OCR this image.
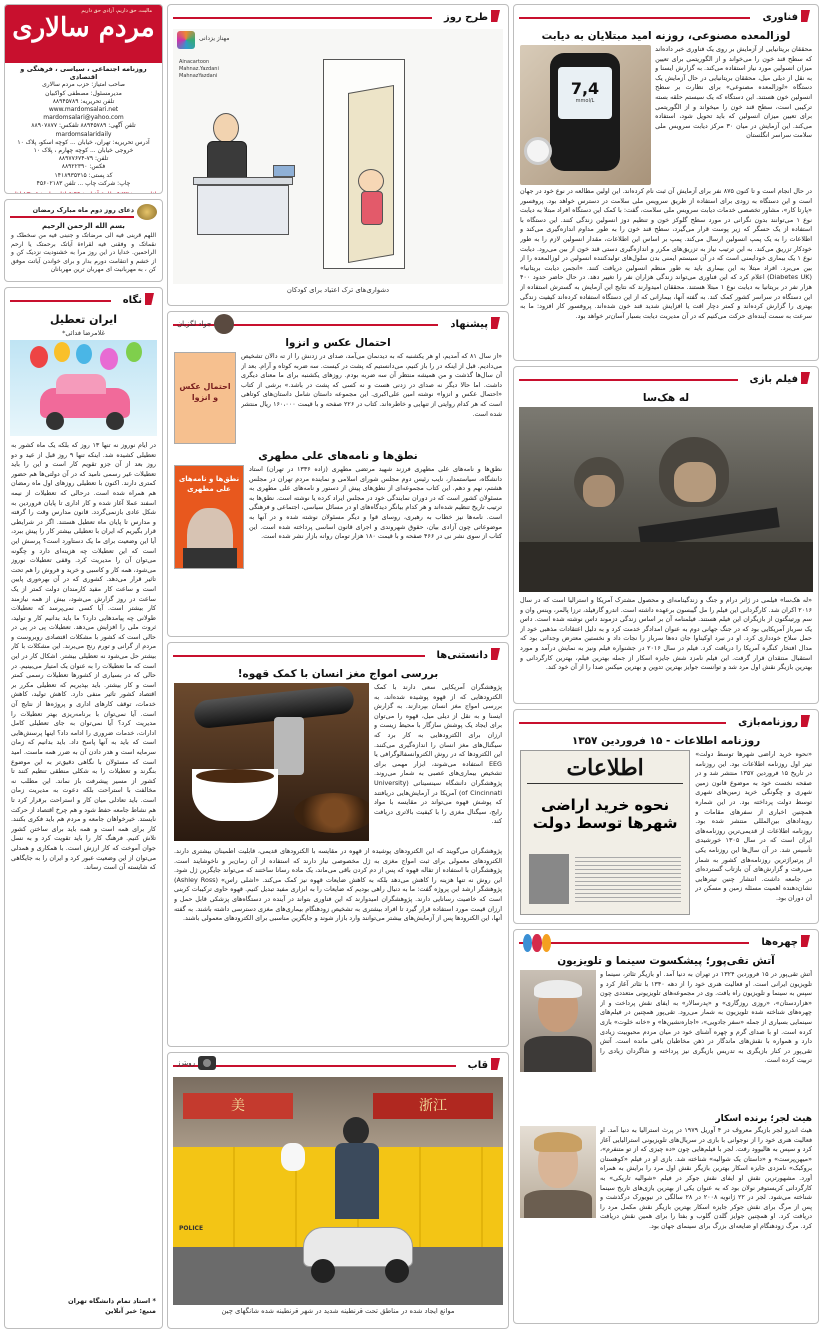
فناوری
لوزالمعده مصنوعی، روزنه امید مبتلایان به دیابت
محققان بریتانیایی از آزمایش بر روی یک فناوری خبر داده‌اند که سطح قند خون را می‌خواند و از الگوریتمی برای تعیین میزان انسولین مورد نیاز استفاده می‌کند. به گزارش ایسنا و به نقل از دیلی میل، ‌محققان بریتانیایی در حال آزمایش یک دستگاه «لوزالمعده مصنوعی» برای نظارت بر سطح انسولین خون هستند. این دستگاه که یک سیستم حلقه بسته ترکیبی است، سطح قند خون را میخواند و از الگوریتمی برای تعیین میزان انسولین که باید تحویل شود، استفاده می‌کند. این آزمایش در میان ۳۰ مرکز دیابت سرویس ملی سلامت سراسر انگلستان
7,4
mmol/L
در حال انجام است و تا کنون ۸۷۵ نفر برای آزمایش آن ثبت نام کرده‌اند. این اولین مطالعه در نوع خود در جهان است و این دستگاه به زودی برای استفاده از طریق سرویس ملی سلامت در دسترس خواهد بود. پروفسور «پارتا کار»، مشاور تخصصی خدمات دیابت سرویس ملی سلامت، گفت: با کمک این دستگاه افراد مبتلا به دیابت نوع ۱ می‌توانند بدون نگرانی در مورد سطح گلوکز خون و تنظیم دوز انسولین زندگی کنند. این دستگاه با استفاده از یک حسگر که زیر پوست قرار می‌گیرد، سطح قند خون را به طور مداوم اندازه‌گیری می‌کند و اطلاعات را به یک پمپ انسولین ارسال می‌کند. پمپ بر اساس این اطلاعات، مقدار انسولین لازم را به طور خودکار تزریق می‌کند. به این ترتیب نیاز به تزریق‌های مکرر و اندازه‌گیری دستی قند خون از بین می‌رود. دیابت نوع ۱ یک بیماری خودایمنی است که در آن سیستم ایمنی بدن سلول‌های تولیدکننده انسولین در لوزالمعده را از بین می‌برد. افراد مبتلا به این بیماری باید به طور منظم انسولین دریافت کنند. «انجمن دیابت بریتانیا» (Diabetes UK) اعلام کرد که این فناوری می‌تواند زندگی هزاران نفر را تغییر دهد. در حال حاضر حدود ۴۰۰ هزار نفر در بریتانیا به دیابت نوع ۱ مبتلا هستند. محققان امیدوارند که نتایج این آزمایش به گسترش استفاده از این دستگاه در سراسر کشور کمک کند. به گفته آنها، بیمارانی که از این دستگاه استفاده کرده‌اند کیفیت زندگی بهتری را گزارش کرده‌اند و کمتر دچار افت یا افزایش شدید قند خون شده‌اند. پروفسور کار افزود: ما به سرعت به سمت آینده‌ای حرکت می‌کنیم که در آن مدیریت دیابت بسیار آسان‌تر خواهد بود.
فیلم بازی
له هک‌سا
«له هک‌سا» فیلمی در ژانر درام و جنگ و زندگینامه‌ای و محصول مشترک آمریکا و استرالیا است که در سال ۲۰۱۶ اکران شد. کارگردانی این فیلم را مل گیبسون برعهده داشته است. اندرو گارفیلد، ترزا پالمر، وینس وان و سم ورتینگتون از بازیگران این فیلم هستند. فیلمنامه آن بر اساس زندگی دزموند داس نوشته شده است. داس یک سرباز آمریکایی بود که در جنگ جهانی دوم به عنوان امدادگر خدمت کرد و به دلیل اعتقادات مذهبی خود از حمل سلاح خودداری کرد. او در نبرد اوکیناوا جان ده‌ها سرباز را نجات داد و نخستین معترض وجدانی بود که مدال افتخار کنگره آمریکا را دریافت کرد. فیلم در سال ۲۰۱۶ در جشنواره فیلم ونیز به نمایش درآمد و مورد استقبال منتقدان قرار گرفت. این فیلم نامزد شش جایزه اسکار از جمله بهترین فیلم، بهترین کارگردانی و بهترین بازیگر نقش اول مرد شد و توانست جوایز بهترین تدوین و بهترین میکس صدا را از آن خود کند.
روزنامه‌بازی
روزنامه اطلاعات - ۱۵ فروردین ۱۳۵۷
«نحوه خرید اراضی شهرها توسط دولت» تیتر اول روزنامه اطلاعات بود. این روزنامه در تاریخ ۱۵ فروردین ۱۳۵۷ منتشر شد و در صفحه نخست خود به موضوع قانون زمین شهری و چگونگی خرید زمین‌های شهری توسط دولت پرداخته بود. در این شماره همچنین اخباری از سفرهای مقامات و رویدادهای بین‌المللی منتشر شده بود. روزنامه اطلاعات از قدیمی‌ترین روزنامه‌های ایران است که در سال ۱۳۰۵ خورشیدی تأسیس شد. در آن سال‌ها این روزنامه یکی از پرتیراژترین روزنامه‌های کشور به شمار می‌رفت و گزارش‌های آن بازتاب گسترده‌ای در جامعه داشت. انتشار چنین تیترهایی نشان‌دهنده اهمیت مسئله زمین و مسکن در آن دوران بود.
اطلاعات
نحوه خرید اراضی
شهرها توسط دولت
چهره‌ها
آتش تقی‌پور؛ پیشکسوت سینما و تلویزیون
آتش تقی‌پور در ۱۵ فروردین ۱۳۲۴ در تهران به دنیا آمد. او بازیگر تئاتر، سینما و تلویزیون ایرانی است. او فعالیت هنری خود را از دهه ۱۳۴۰ با تئاتر آغاز کرد و سپس به سینما و تلویزیون راه یافت. وی در مجموعه‌های تلویزیونی متعددی چون «هزاردستان»، «روزی روزگاری» و «پدرسالار» به ایفای نقش پرداخت و از چهره‌های شناخته شده تلویزیون به شمار می‌رود. تقی‌پور همچنین در فیلم‌های سینمایی بسیاری از جمله «سفر جادویی»، «اجاره‌نشین‌ها» و «خانه خلوت» بازی کرده است. او با صدای گرم و چهره آشنای خود در میان مردم محبوبیت زیادی دارد و همواره با نقش‌های ماندگار در ذهن مخاطبان باقی مانده است. آتش تقی‌پور در کنار بازیگری به تدریس بازیگری نیز پرداخته و شاگردان زیادی را تربیت کرده است.
هیث لجر؛ برنده اسکار
هیث اندرو لجر بازیگر معروف در ۴ آوریل ۱۹۷۹ در پرث استرالیا به دنیا آمد. او فعالیت هنری خود را از نوجوانی با بازی در سریال‌های تلویزیونی استرالیایی آغاز کرد و سپس به هالیوود رفت. لجر با فیلم‌هایی چون «ده چیزی که از تو متنفرم»، «میهن‌پرست» و «داستان یک شوالیه» شناخته شد. بازی او در فیلم «کوهستان بروکبک» نامزدی جایزه اسکار بهترین بازیگر نقش اول مرد را برایش به همراه آورد. مشهورترین نقش او ایفای نقش جوکر در فیلم «شوالیه تاریکی» به کارگردانی کریستوفر نولان بود که به عنوان یکی از بهترین بازی‌های تاریخ سینما شناخته می‌شود. لجر در ۲۲ ژانویه ۲۰۰۸ در ۲۸ سالگی در نیویورک درگذشت و پس از مرگ برای نقش جوکر جایزه اسکار بهترین بازیگر نقش مکمل مرد را دریافت کرد. او همچنین جوایز گلدن گلوب و بفتا را برای همین نقش دریافت کرد. مرگ زودهنگام او ضایعه‌ای بزرگ برای سینمای جهان بود.
طرح روز
مهناز یزدانی
Ainacartoon
Mahnaz.Yazdani
MahnazYazdani
دشواری‌های ترک اعتیاد برای کودکان
پیشنهاد
جواد لگزیان
احتمال عکس و انزوا
«از سال ۸۱ که آمدیم، او هر یکشنبه که به دیدنمان می‌آمد، صدای در زدنش را از ته دالان تشخیص می‌دادیم. قبل از اینکه در را باز کنیم، می‌دانستیم که پشت در کیست. سه ضربه کوتاه و آرام. بعد از آن سال‌ها گذشت و من همیشه منتظر آن سه ضربه بودم. روزهای یکشنبه برای ما معنای دیگری داشت. اما حالا دیگر نه صدای در زدنی هست و نه کسی که پشت در باشد.» برشی از کتاب «احتمال عکس و انزوا» نوشته امین علی‌اکبری. این مجموعه داستان شامل داستان‌های کوتاهی است که هر کدام روایتی از تنهایی و خاطره‌اند. کتاب در ۲۲۶ صفحه و با قیمت ۱۶۰،۰۰۰ ریال منتشر شده است.
احتمال عکس و انزوا
نطق‌ها و نامه‌های علی مطهری
نطق‌ها و نامه‌های علی مطهری فرزند شهید مرتضی مطهری (زاده ۱۳۳۶ در تهران) استاد دانشگاه، سیاستمدار، نایب رئیس دوم مجلس شورای اسلامی و نماینده مردم تهران در مجلس هشتم، نهم و دهم. این کتاب مجموعه‌ای از نطق‌های پیش از دستور و نامه‌های علی مطهری به مسئولان کشور است که در دوران نمایندگی خود در مجلس ایراد کرده یا نوشته است. نطق‌ها به ترتیب تاریخ تنظیم شده‌اند و هر کدام بیانگر دیدگاه‌های او در مسائل سیاسی، اجتماعی و فرهنگی است. نامه‌ها نیز خطاب به رهبری، روسای قوا و دیگر مسئولان نوشته شده و در آنها به موضوعاتی چون آزادی بیان، حقوق شهروندی و اجرای قانون اساسی پرداخته شده است. این کتاب از سوی نشر نی در ۴۶۶ صفحه و با قیمت ۱۸۰ هزار تومان روانه بازار نشر شده است.
نطق‌ها و نامه‌های علی مطهری
دانستنی‌ها
بررسی امواج مغز انسان با کمک قهوه!
پژوهشگران آمریکایی سعی دارند با کمک الکترودهایی که از قهوه پوشیده شده‌اند، به بررسی امواج مغز انسان بپردازند. به گزارش ایسنا و به نقل از دیلی میل، قهوه را می‌توان برای ایجاد یک پوشش سازگار با محیط زیست و ارزان برای الکترودهایی به کار برد که سیگنال‌های مغز انسان را اندازه‌گیری می‌کنند. این الکترودها که در روش الکتروانسفالوگرافی یا EEG استفاده می‌شوند، ابزار مهمی برای تشخیص بیماری‌های عصبی به شمار می‌روند. پژوهشگران دانشگاه سینسیناتی (University of Cincinnati) آمریکا در آزمایش‌هایی دریافتند که پوشش قهوه می‌تواند در مقایسه با مواد رایج، سیگنال مغزی را با کیفیت بالاتری دریافت کند.
پژوهشگران می‌گویند که این الکترودهای پوشیده از قهوه در مقایسه با الکترودهای قدیمی، قابلیت اطمینان بیشتری دارند. الکترودهای معمولی برای ثبت امواج مغزی به ژل مخصوصی نیاز دارند که استفاده از آن زمان‌بر و ناخوشایند است. پژوهشگران با استفاده از تفاله قهوه که پس از دم کردن باقی می‌ماند، یک ماده رسانا ساختند که می‌تواند جایگزین ژل شود. این روش نه تنها هزینه را کاهش می‌دهد بلکه به کاهش ضایعات قهوه نیز کمک می‌کند. «اشلی راس» (Ashley Ross) پژوهشگر ارشد این پروژه گفت: ما به دنبال راهی بودیم که ضایعات را به ابزاری مفید تبدیل کنیم. قهوه حاوی ترکیبات کربنی است که خاصیت رسانایی دارند. پژوهشگران امیدوارند که این فناوری بتواند در آینده در دستگاه‌های پزشکی قابل حمل و ارزان قیمت مورد استفاده قرار گیرد تا افراد بیشتری به تشخیص زودهنگام بیماری‌های مغزی دسترسی داشته باشند. به گفته آنها، این الکترودها پس از آزمایش‌های بیشتر می‌توانند وارد بازار شوند و جایگزین مناسبی برای الکترودهای معمولی باشند.
قاب
رویترز
美	浙江
POLICE
موانع ایجاد شده در مناطق تحت قرنطینه شدید در شهر قرنطینه شده شانگهای چین
مالیت، حق داریم، آزادی حق داریم
مردم سالاری
روزنامه اجتماعی ، سیاسی ، فرهنگی و اقتصادی
صاحب امتیاز: حزب مردم سالاری
مدیرمسئول: مصطفی کواکبیان
تلفن تحریریه: ۸۸۹۴۵۷۸۹
www.mardomsalari.net
mardomsalari@yahoo.com
تلفن آگهی: ۸۸۹۴۵۷۸۹ تلفکس: ۸۸۹۰۷۸۷۷
mardomsalaridaily
آدرس تحریریه: تهران، خیابان ... کوچه اسکو، پلاک ۱۰
خروجی خیابان ... کوچه چهارم ، پلاک ۱۰
تلفن: ۷۹-۸۸۹۷۷۶۷۴
فکس: ۸۸۹۲۲۳۹۰
کد پستی: ۱۴۱۸۹۳۵۳۱۵
چاپ: شرکت چاپ ... تلفن ۴۵۶۰۲۱۸۳
دعای روز دوم ماه مبارک رمضان
بسم الله الرحمن الرحیم
اللهم قربنی فیه الی مرضاتک و جنبنی فیه من سخطک و نقماتک و وفقنی فیه لقراءة آیاتک برحمتک یا ارحم الراحمین. خدایا در این روز مرا به خشنودیت نزدیک کن و از خشم و انتقامت دورم بدار و برای خواندن آیاتت موفق کن ، به مهربانیت ای مهربان ترین مهربانان
نگاه
ایران تعطیل
غلامرضا فدائی*
در ایام نوروز نه تنها ۱۳ روز که بلکه یک ماه کشور به تعطیلی کشیده شد. اینکه تنها ۹ روز قبل از عید و دو روز بعد از آن جزو تقویم کار است و این را باید تعطیلات غیر رسمی نامید که در آن دولتی‌ها هم حضور کمتری دارند. اکنون با تعطیلی روزهای اول ماه رمضان هم همراه شده است. درحالی که تعطیلات از نیمه اسفند عملا آغاز شده و کار اداری تا پایان فروردین به شکل عادی بازنمی‌گردد. قانون مدارس وقت را گرفته و مدارس تا پایان ماه تعطیل هستند. اگر در شرایطی قرار بگیریم که ایران با تعطیلی بیشتر کار را پیش ببرد، آیا این وضعیت برای ما یک دستاورد است؟ پرسش این است که این تعطیلات چه هزینه‌ای دارد و چگونه می‌توان آن را مدیریت کرد. وقفی تعطیلات نوروز می‌شود، همه کار و کاسبی و خرید و فروش را هم تحت تاثیر قرار می‌دهد. کشوری که در آن بهره‌وری پایین است و ساعت کار مفید کارمندان دولت کمتر از یک ساعت در روز گزارش می‌شود، بیش از همه نیازمند کار بیشتر است. آیا کسی نمی‌پرسد که تعطیلات طولانی چه پیامدهایی دارد؟ ما باید بدانیم کار و تولید، ثروت ملی را افزایش می‌دهد. تعطیلات پی در پی در حالی است که کشور با مشکلات اقتصادی روبروست و مردم از گرانی و تورم رنج می‌برند. این مشکلات با کار بیشتر حل می‌شود نه تعطیلی بیشتر. اشکال کار در این است که ما تعطیلات را به عنوان یک امتیاز می‌بینیم. در حالی که در بسیاری از کشورها تعطیلات رسمی کمتر است و کار بیشتر. باید بپذیریم که تعطیلی مکرر بر اقتصاد کشور تاثیر منفی دارد. کاهش تولید، کاهش خدمات، توقف کارهای اداری و پروژه‌ها از نتایج آن است. آیا نمی‌توان با برنامه‌ریزی بهتر تعطیلات را مدیریت کرد؟ آیا نمی‌توان به جای تعطیلی کامل ادارات، خدمات ضروری را ادامه داد؟ اینها پرسش‌هایی است که باید به آنها پاسخ داد. باید بدانیم که زمان سرمایه است و هدر دادن آن به ضرر همه ماست. امید است که مسئولان با نگاهی دقیق‌تر به این موضوع بنگرند و تعطیلات را به شکلی منطقی تنظیم کنند تا کشور از مسیر پیشرفت باز نماند. این مطلب نه مخالفت با استراحت بلکه دعوت به مدیریت زمان است. باید تعادلی میان کار و استراحت برقرار کرد تا هم نشاط جامعه حفظ شود و هم چرخ اقتصاد از حرکت نایستد. خیرخواهان جامعه و مردم هم باید فکری بکنند. کار برای همه است و همه باید برای ساختن کشور تلاش کنیم. فرهنگ کار را باید تقویت کرد و به نسل جوان آموخت که کار ارزش است. با همکاری و همدلی می‌توان از این وضعیت عبور کرد و ایران را به جایگاهی که شایسته آن است رساند.
* استاد تمام دانشگاه تهران
منبع: خبر آنلاین
